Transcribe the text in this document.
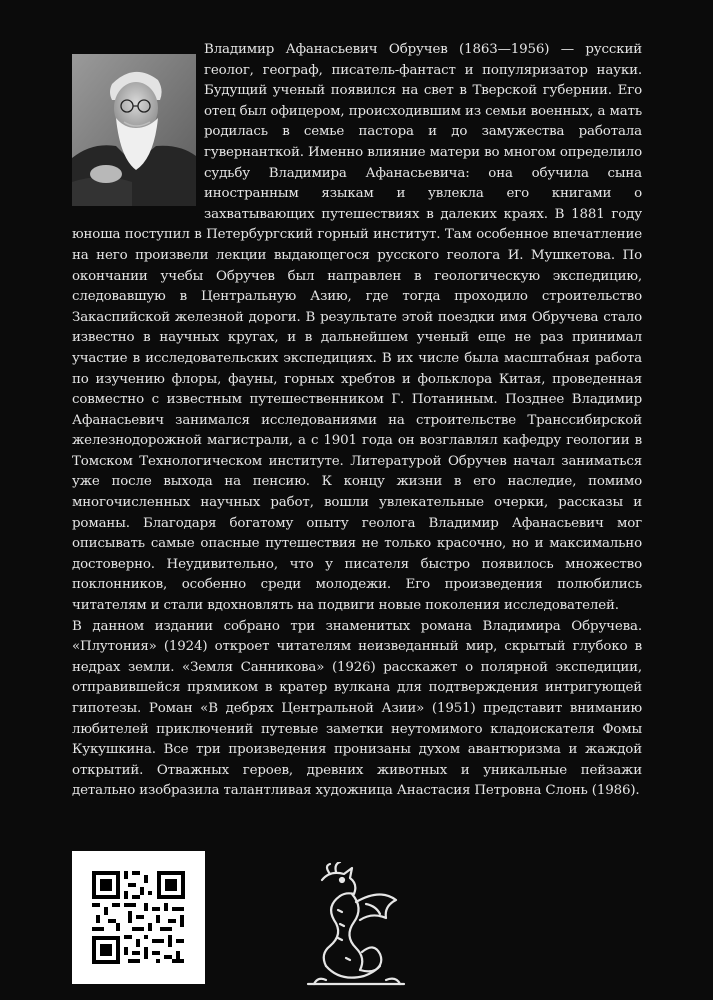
Владимир Афанасьевич Обручев (1863—1956) — русский геолог, географ, писатель-фантаст и популяризатор науки. Будущий ученый появился на свет в Тверской губернии. Его отец был офицером, происходившим из семьи военных, а мать родилась в семье пастора и до замужества работала гувернанткой. Именно влияние матери во многом определило судьбу Владимира Афанасьевича: она обучила сына иностранным языкам и увлекла его книгами о захватывающих путешествиях в далеких краях. В 1881 году юноша поступил в Петербургский горный институт. Там особенное впечатление на него произвели лекции выдающегося русского геолога И. Мушкетова. По окончании учебы Обручев был направлен в геологическую экспедицию, следовавшую в Центральную Азию, где тогда проходило строительство Закаспийской железной дороги. В результате этой поездки имя Обручева стало известно в научных кругах, и в дальнейшем ученый еще не раз принимал участие в исследовательских экспедициях. В их числе была масштабная работа по изучению флоры, фауны, горных хребтов и фольклора Китая, проведенная совместно с известным путешественником Г. Потаниным. Позднее Владимир Афанасьевич занимался исследованиями на строительстве Транссибирской железнодорожной магистрали, а с 1901 года он возглавлял кафедру геологии в Томском Технологическом институте. Литературой Обручев начал заниматься уже после выхода на пенсию. К концу жизни в его наследие, помимо многочисленных научных работ, вошли увлекательные очерки, рассказы и романы. Благодаря богатому опыту геолога Владимир Афанасьевич мог описывать самые опасные путешествия не только красочно, но и максимально достоверно. Неудивительно, что у писателя быстро появилось множество поклонников, особенно среди молодежи. Его произведения полюбились читателям и стали вдохновлять на подвиги новые поколения исследователей.

В данном издании собрано три знаменитых романа Владимира Обручева. «Плутония» (1924) откроет читателям неизведанный мир, скрытый глубоко в недрах земли. «Земля Санникова» (1926) расскажет о полярной экспедиции, отправившейся прямиком в кратер вулкана для подтверждения интригующей гипотезы. Роман «В дебрях Центральной Азии» (1951) представит вниманию любителей приключений путевые заметки неутомимого кладоискателя Фомы Кукушкина. Все три произведения пронизаны духом авантюризма и жаждой открытий. Отважных героев, древних животных и уникальные пейзажи детально изобразила талантливая художница Анастасия Петровна Слонь (1986).
